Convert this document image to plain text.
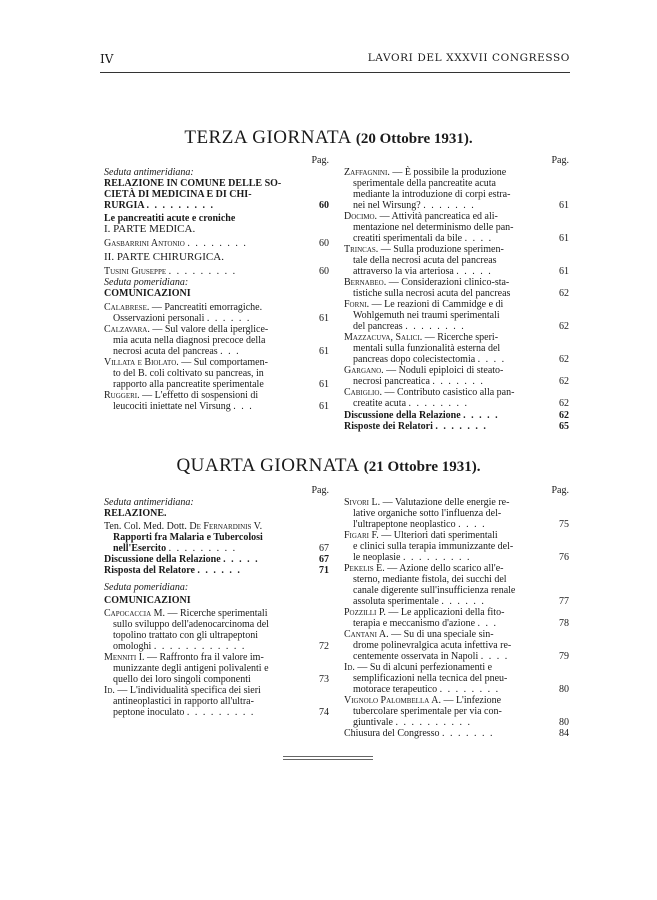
IV	LAVORI DEL XXXVII CONGRESSO
TERZA GIORNATA (20 Ottobre 1931).
Pag.
Seduta antimeridiana:
RELAZIONE IN COMUNE DELLE SO-
CIETÀ DI MEDICINA E DI CHI-
RURGIA . . . . . . . . .	60
Le pancreatiti acute e croniche
I. PARTE MEDICA.
Gasbarrini Antonio . . . . . . . .	60
II. PARTE CHIRURGICA.
Tusini Giuseppe . . . . . . . . .	60
Seduta pomeridiana:
COMUNICAZIONI
Calabrese. — Pancreatiti emorragiche.
Osservazioni personali . . . . . .	61
Calzavara. — Sul valore della iperglice-
mia acuta nella diagnosi precoce della
necrosi acuta del pancreas . . .	61
Villata e Biolato. — Sul comportamen-
to del B. coli coltivato su pancreas, in
rapporto alla pancreatite sperimentale	61
Ruggeri. — L'effetto di sospensioni di
leucociti iniettate nel Virsung . . .	61
Pag.
Zaffagnini. — È possibile la produzione
sperimentale della pancreatite acuta
mediante la introduzione di corpi estra-
nei nel Wirsung? . . . . . . .	61
Docimo. — Attività pancreatica ed ali-
mentazione nel determinismo delle pan-
creatiti sperimentali da bile . . . .	61
Trincas. — Sulla produzione sperimen-
tale della necrosi acuta del pancreas
attraverso la via arteriosa . . . . .	61
Bernabeo. — Considerazioni clinico-sta-
tistiche sulla necrosi acuta del pancreas	62
Forni. — Le reazioni di Cammidge e di
Wohlgemuth nei traumi sperimentali
del pancreas . . . . . . . .	62
Mazzacuva, Salici. — Ricerche speri-
mentali sulla funzionalità esterna del
pancreas dopo colecistectomia . . . .	62
Gargano. — Noduli epiploici di steato-
necrosi pancreatica . . . . . . .	62
Cabiglio. — Contributo casistico alla pan-
creatite acuta . . . . . . . .	62
Discussione della Relazione . . . . .	62
Risposte dei Relatori . . . . . . .	65
QUARTA GIORNATA (21 Ottobre 1931).
Pag.
Seduta antimeridiana:
RELAZIONE.
Ten. Col. Med. Dott. De Fernardinis V.
Rapporti fra Malaria e Tubercolosi
nell'Esercito . . . . . . . . .	67
Discussione della Relazione . . . . .	67
Risposta del Relatore . . . . . .	71
Seduta pomeridiana:
COMUNICAZIONI
Capocaccia M. — Ricerche sperimentali
sullo sviluppo dell'adenocarcinoma del
topolino trattato con gli ultrapeptoni
omologhi . . . . . . . . . . . .	72
Menniti I. — Raffronto fra il valore im-
munizzante degli antigeni polivalenti e
quello dei loro singoli componenti	73
Id. — L'individualità specifica dei sieri
antineoplastici in rapporto all'ultra-
peptone inoculato . . . . . . . . .	74
Pag.
Sivori L. — Valutazione delle energie re-
lative organiche sotto l'influenza del-
l'ultrapeptone neoplastico . . . .	75
Figari F. — Ulteriori dati sperimentali
e clinici sulla terapia immunizzante del-
le neoplasie . . . . . . . . .	76
Pekelis E. — Azione dello scarico all'e-
sterno, mediante fistola, dei succhi del
canale digerente sull'insufficienza renale
assoluta sperimentale . . . . . .	77
Pozzilli P. — Le applicazioni della fito-
terapia e meccanismo d'azione . . .	78
Cantani A. — Su di una speciale sin-
drome polinevralgica acuta infettiva re-
centemente osservata in Napoli . . . .	79
Id. — Su di alcuni perfezionamenti e
semplificazioni nella tecnica del pneu-
motorace terapeutico . . . . . . . .	80
Vignolo Palombella A. — L'infezione
tubercolare sperimentale per via con-
giuntivale . . . . . . . . . .	80
Chiusura del Congresso . . . . . . .	84
